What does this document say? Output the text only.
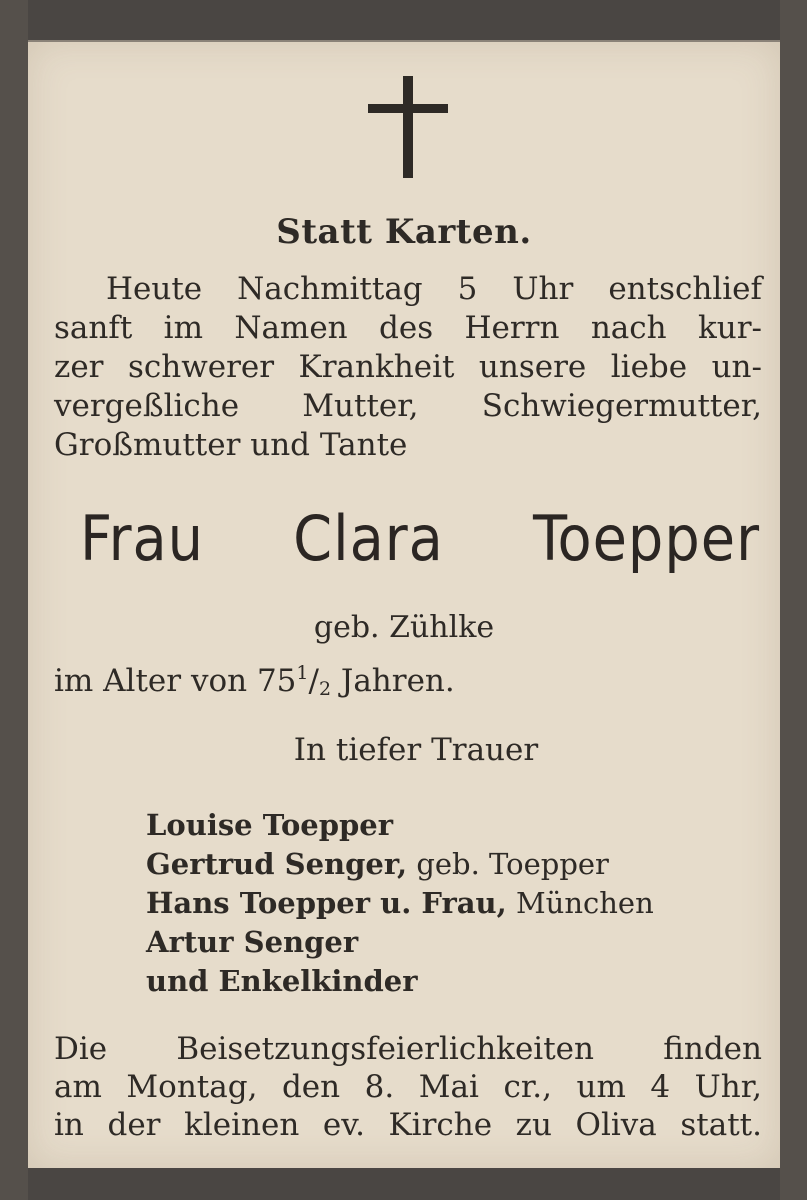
Statt Karten.
Heute Nachmittag 5 Uhr entschlief
sanft im Namen des Herrn nach kur-
zer schwerer Krankheit unsere liebe un-
vergeßliche Mutter, Schwiegermutter,
Großmutter und Tante
Frau Clara Toepper
geb. Zühlke
im Alter von $75^1/_2$ Jahren.
In tiefer Trauer
Louise Toepper
Gertrud Senger, geb. Toepper
Hans Toepper u. Frau, München
Artur Senger
und Enkelkinder
Die Beisetzungsfeierlichkeiten finden
am Montag, den 8. Mai cr., um 4 Uhr,
in der kleinen ev. Kirche zu Oliva statt.
